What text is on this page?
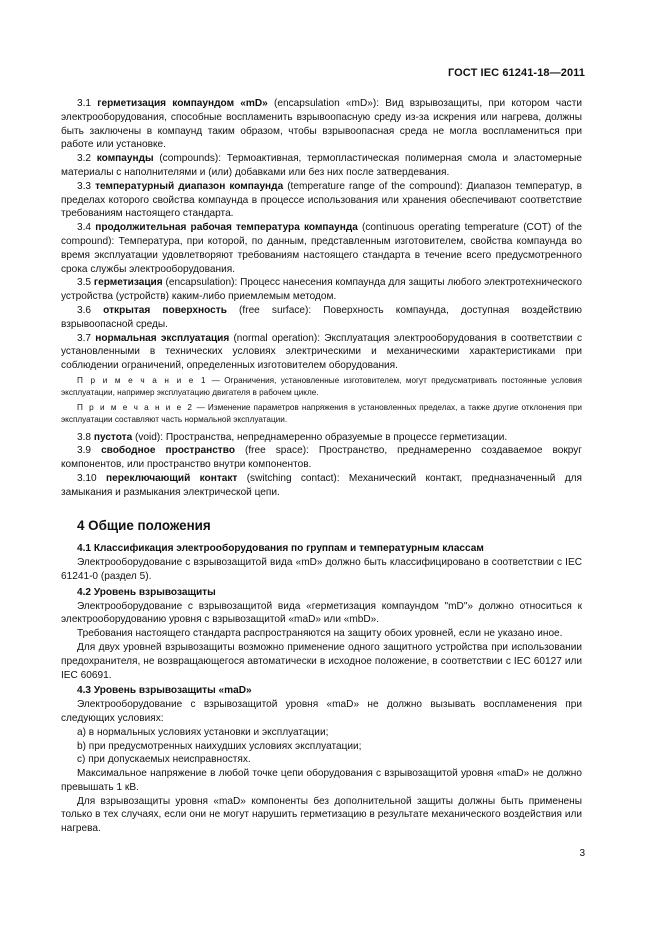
ГОСТ IEC 61241-18—2011

3.1 герметизация компаундом «mD» (encapsulation «mD»): Вид взрывозащиты, при котором части электрооборудования, способные воспламенить взрывоопасную среду из-за искрения или нагрева, должны быть заключены в компаунд таким образом, чтобы взрывоопасная среда не могла воспламениться при работе или установке.

3.2 компаунды (compounds): Термоактивная, термопластическая полимерная смола и эластомерные материалы с наполнителями и (или) добавками или без них после затвердевания.

3.3 температурный диапазон компаунда (temperature range of the compound): Диапазон температур, в пределах которого свойства компаунда в процессе использования или хранения обеспечивают соответствие требованиям настоящего стандарта.

3.4 продолжительная рабочая температура компаунда (continuous operating temperature (COT) of the compound): Температура, при которой, по данным, представленным изготовителем, свойства компаунда во время эксплуатации удовлетворяют требованиям настоящего стандарта в течение всего предусмотренного срока службы электрооборудования.

3.5 герметизация (encapsulation): Процесс нанесения компаунда для защиты любого электротехнического устройства (устройств) каким-либо приемлемым методом.

3.6 открытая поверхность (free surface): Поверхность компаунда, доступная воздействию взрывоопасной среды.

3.7 нормальная эксплуатация (normal operation): Эксплуатация электрооборудования в соответствии с установленными в технических условиях электрическими и механическими характеристиками при соблюдении ограничений, определенных изготовителем оборудования.

П р и м е ч а н и е 1 — Ограничения, установленные изготовителем, могут предусматривать постоянные условия эксплуатации, например эксплуатацию двигателя в рабочем цикле.

П р и м е ч а н и е 2 — Изменение параметров напряжения в установленных пределах, а также другие отклонения при эксплуатации составляют часть нормальной эксплуатации.

3.8 пустота (void): Пространства, непреднамеренно образуемые в процессе герметизации.

3.9 свободное пространство (free space): Пространство, преднамеренно создаваемое вокруг компонентов, или пространство внутри компонентов.

3.10 переключающий контакт (switching contact): Механический контакт, предназначенный для замыкания и размыкания электрической цепи.

4 Общие положения

4.1 Классификация электрооборудования по группам и температурным классам

Электрооборудование с взрывозащитой вида «mD» должно быть классифицировано в соответствии с IEC 61241-0 (раздел 5).

4.2 Уровень взрывозащиты

Электрооборудование с взрывозащитой вида «герметизация компаундом "mD"» должно относиться к электрооборудованию уровня с взрывозащитой «maD» или «mbD».

Требования настоящего стандарта распространяются на защиту обоих уровней, если не указано иное.

Для двух уровней взрывозащиты возможно применение одного защитного устройства при использовании предохранителя, не возвращающегося автоматически в исходное положение, в соответствии с IEC 60127 или IEC 60691.

4.3 Уровень взрывозащиты «maD»

Электрооборудование с взрывозащитой уровня «maD» не должно вызывать воспламенения при следующих условиях:

a) в нормальных условиях установки и эксплуатации;

b) при предусмотренных наихудших условиях эксплуатации;

c) при допускаемых неисправностях.

Максимальное напряжение в любой точке цепи оборудования с взрывозащитой уровня «maD» не должно превышать 1 кВ.

Для взрывозащиты уровня «maD» компоненты без дополнительной защиты должны быть применены только в тех случаях, если они не могут нарушить герметизацию в результате механического воздействия или нагрева.

3
